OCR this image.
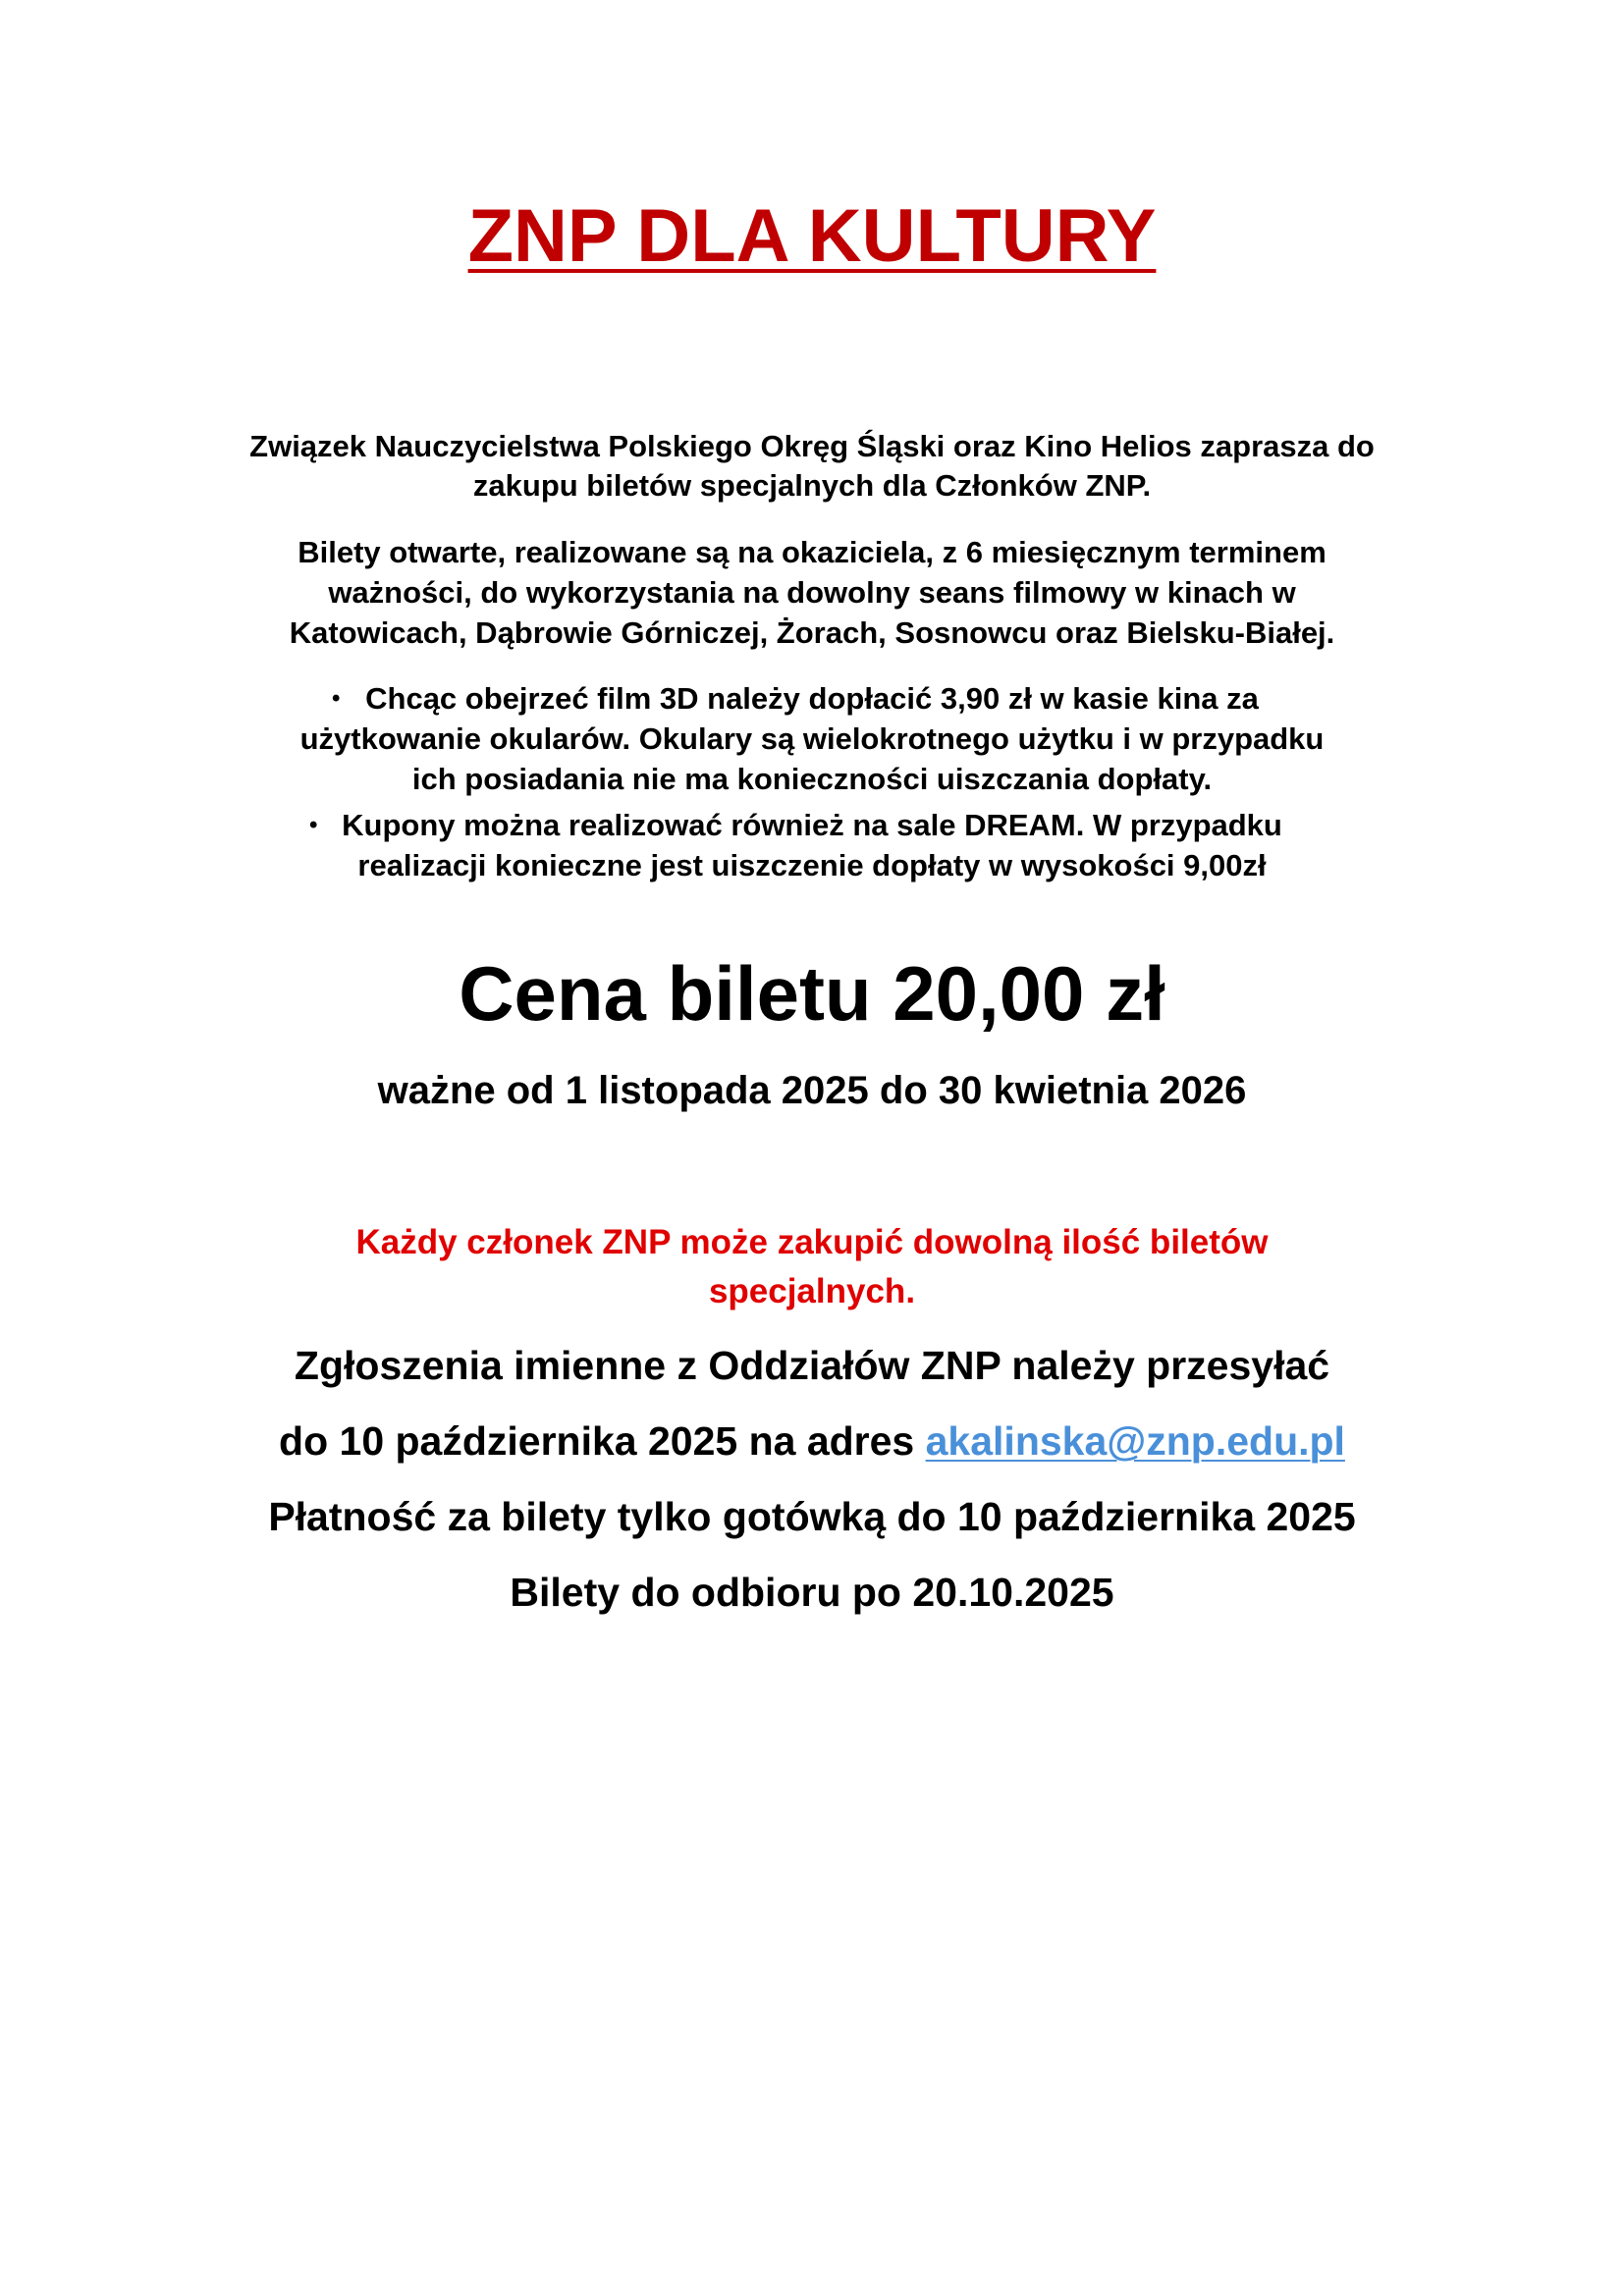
ZNP DLA KULTURY

Związek Nauczycielstwa Polskiego Okręg Śląski oraz Kino Helios zaprasza do

zakupu biletów specjalnych dla Członków ZNP.

Bilety otwarte, realizowane są na okaziciela, z 6 miesięcznym terminem

ważności, do wykorzystania na dowolny seans filmowy w kinach w

Katowicach, Dąbrowie Górniczej, Żorach, Sosnowcu oraz Bielsku-Białej.

• Chcąc obejrzeć film 3D należy dopłacić 3,90 zł w kasie kina za

użytkowanie okularów. Okulary są wielokrotnego użytku i w przypadku

ich posiadania nie ma konieczności uiszczania dopłaty.

• Kupony można realizować również na sale DREAM. W przypadku

realizacji konieczne jest uiszczenie dopłaty w wysokości 9,00zł

Cena biletu 20,00 zł

ważne od 1 listopada 2025 do 30 kwietnia 2026

Każdy członek ZNP może zakupić dowolną ilość biletów

specjalnych.

Zgłoszenia imienne z Oddziałów ZNP należy przesyłać

do 10 października 2025 na adres akalinska@znp.edu.pl

Płatność za bilety tylko gotówką do 10 października 2025

Bilety do odbioru po 20.10.2025
